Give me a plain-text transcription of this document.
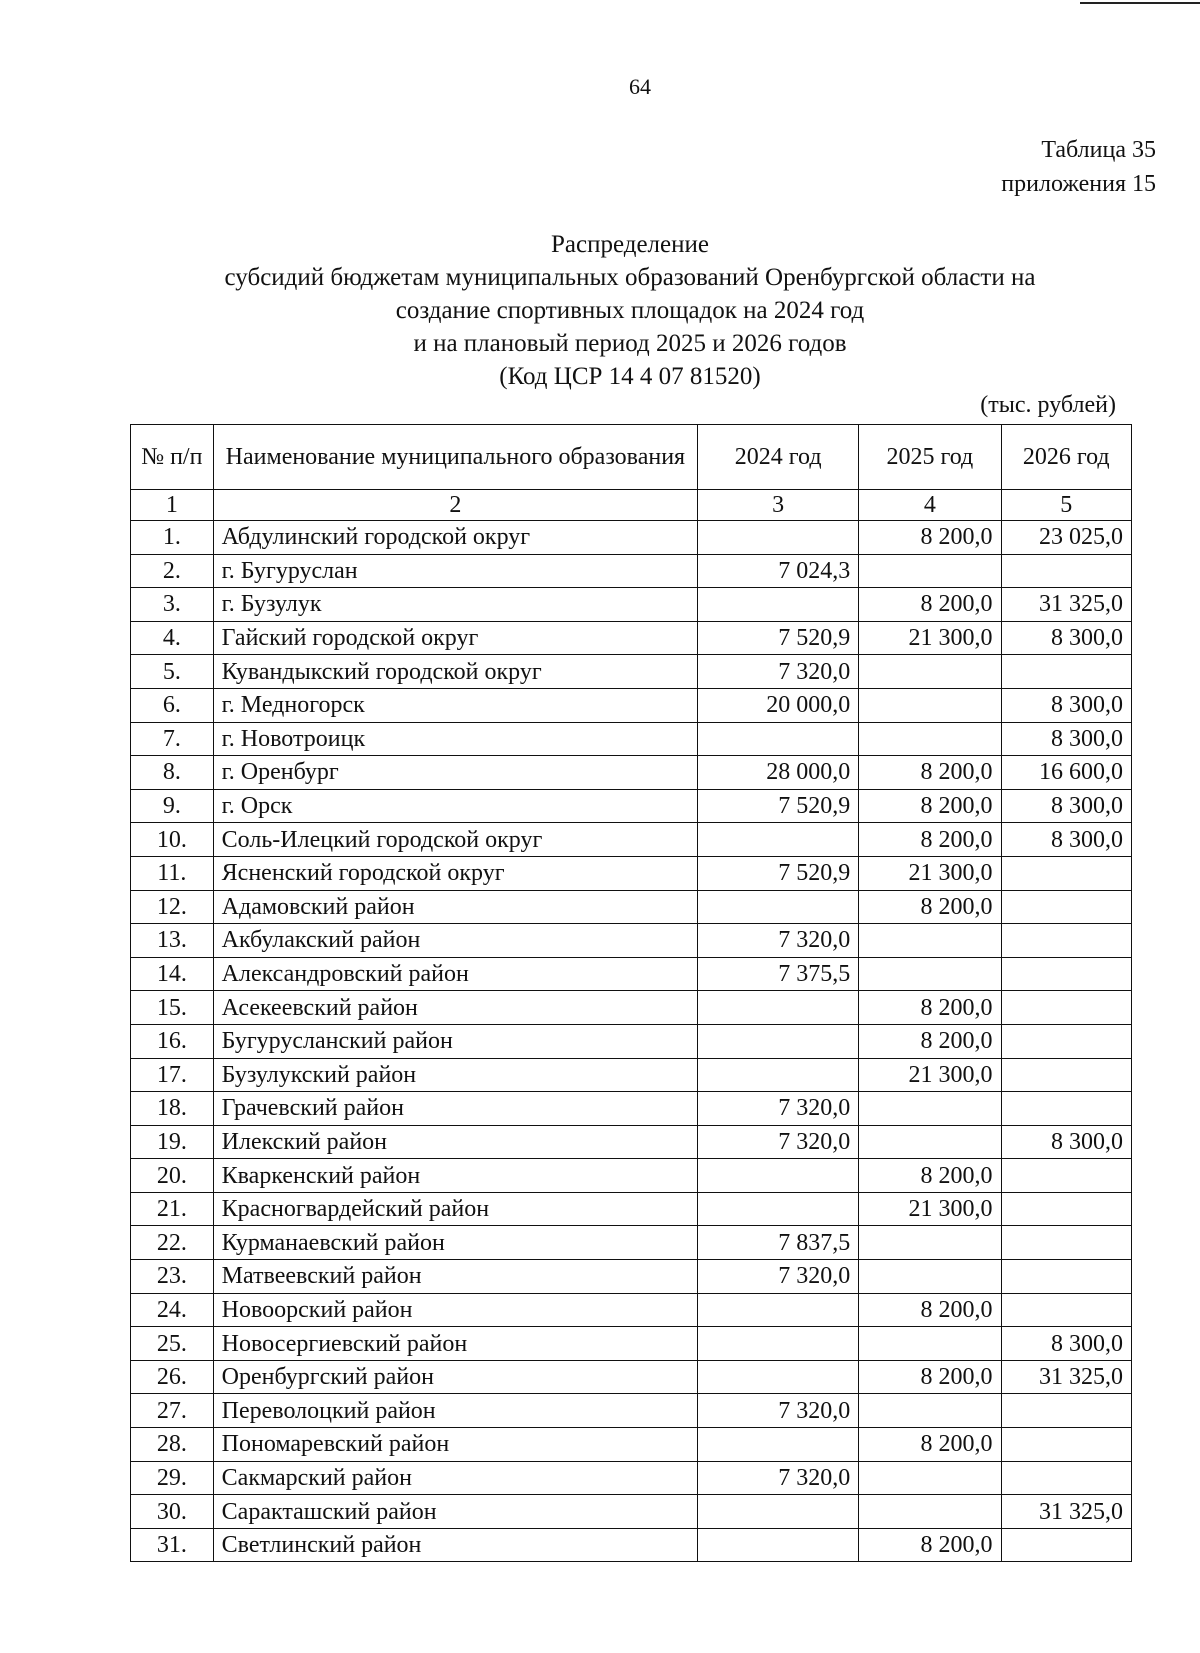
64
Таблица 35
приложения 15
Распределение
субсидий бюджетам муниципальных образований Оренбургской области на
создание спортивных площадок на 2024 год
и на плановый период 2025 и 2026 годов
(Код ЦСР 14 4 07 81520)
(тыс. рублей)
№ п/п	Наименование муниципального образования	2024 год	2025 год	2026 год
1	2	3	4	5
1.	Абдулинский городской округ		8 200,0	23 025,0
2.	г. Бугуруслан	7 024,3		
3.	г. Бузулук		8 200,0	31 325,0
4.	Гайский городской округ	7 520,9	21 300,0	8 300,0
5.	Кувандыкский городской округ	7 320,0		
6.	г. Медногорск	20 000,0		8 300,0
7.	г. Новотроицк			8 300,0
8.	г. Оренбург	28 000,0	8 200,0	16 600,0
9.	г. Орск	7 520,9	8 200,0	8 300,0
10.	Соль-Илецкий городской округ		8 200,0	8 300,0
11.	Ясненский городской округ	7 520,9	21 300,0	
12.	Адамовский район		8 200,0	
13.	Акбулакский район	7 320,0		
14.	Александровский район	7 375,5		
15.	Асекеевский район		8 200,0	
16.	Бугурусланский район		8 200,0	
17.	Бузулукский район		21 300,0	
18.	Грачевский район	7 320,0		
19.	Илекский район	7 320,0		8 300,0
20.	Кваркенский район		8 200,0	
21.	Красногвардейский район		21 300,0	
22.	Курманаевский район	7 837,5		
23.	Матвеевский район	7 320,0		
24.	Новоорский район		8 200,0	
25.	Новосергиевский район			8 300,0
26.	Оренбургский район		8 200,0	31 325,0
27.	Переволоцкий район	7 320,0		
28.	Пономаревский район		8 200,0	
29.	Сакмарский район	7 320,0		
30.	Саракташский район			31 325,0
31.	Светлинский район		8 200,0	
